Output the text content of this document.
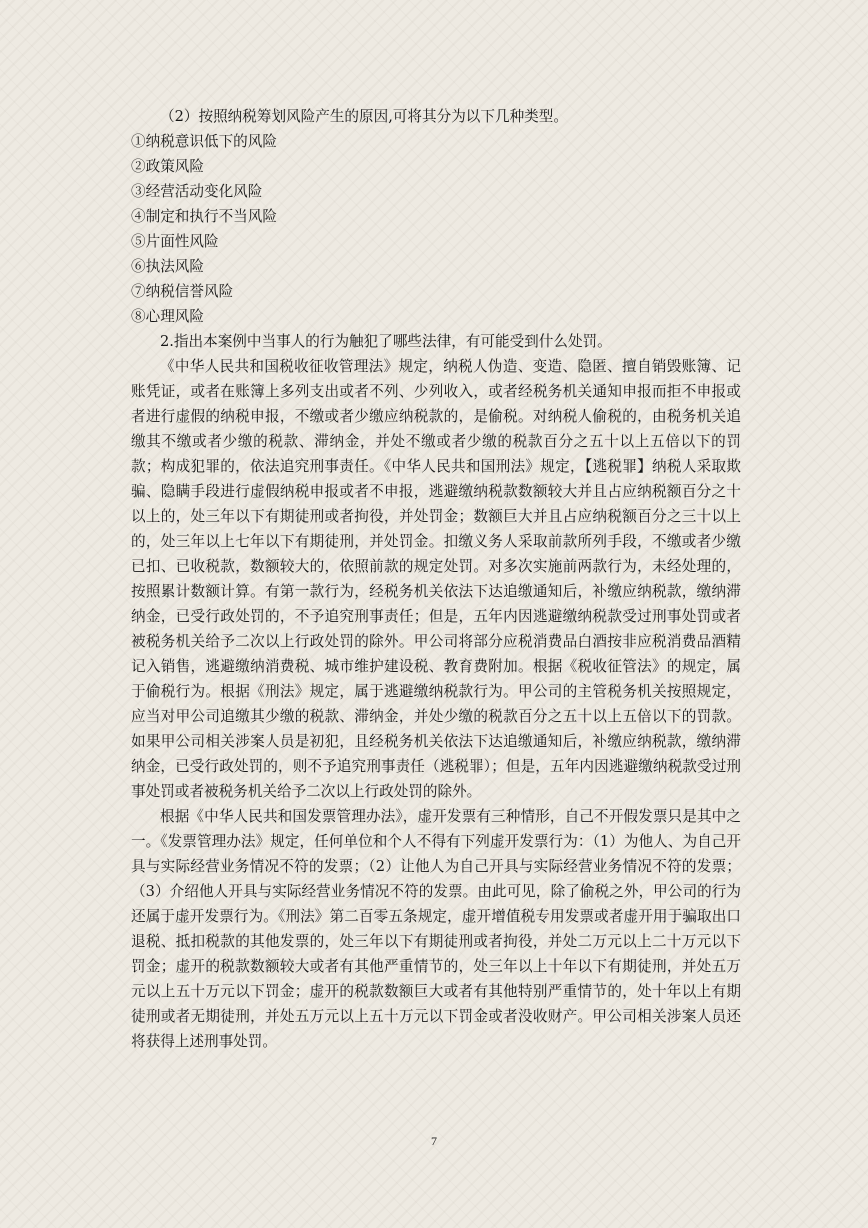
（2）按照纳税筹划风险产生的原因,可将其分为以下几种类型。

①纳税意识低下的风险

②政策风险

③经营活动变化风险

④制定和执行不当风险

⑤片面性风险

⑥执法风险

⑦纳税信誉风险

⑧心理风险

2.指出本案例中当事人的行为触犯了哪些法律，有可能受到什么处罚。

《中华人民共和国税收征收管理法》规定，纳税人伪造、变造、隐匿、擅自销毁账簿、记账凭证，或者在账簿上多列支出或者不列、少列收入，或者经税务机关通知申报而拒不申报或者进行虚假的纳税申报，不缴或者少缴应纳税款的，是偷税。对纳税人偷税的，由税务机关追缴其不缴或者少缴的税款、滞纳金，并处不缴或者少缴的税款百分之五十以上五倍以下的罚款；构成犯罪的，依法追究刑事责任。《中华人民共和国刑法》规定，【逃税罪】纳税人采取欺骗、隐瞒手段进行虚假纳税申报或者不申报，逃避缴纳税款数额较大并且占应纳税额百分之十以上的，处三年以下有期徒刑或者拘役，并处罚金；数额巨大并且占应纳税额百分之三十以上的，处三年以上七年以下有期徒刑，并处罚金。扣缴义务人采取前款所列手段，不缴或者少缴已扣、已收税款，数额较大的，依照前款的规定处罚。对多次实施前两款行为，未经处理的，按照累计数额计算。有第一款行为，经税务机关依法下达追缴通知后，补缴应纳税款，缴纳滞纳金，已受行政处罚的，不予追究刑事责任；但是，五年内因逃避缴纳税款受过刑事处罚或者被税务机关给予二次以上行政处罚的除外。甲公司将部分应税消费品白酒按非应税消费品酒精记入销售，逃避缴纳消费税、城市维护建设税、教育费附加。根据《税收征管法》的规定，属于偷税行为。根据《刑法》规定，属于逃避缴纳税款行为。甲公司的主管税务机关按照规定，应当对甲公司追缴其少缴的税款、滞纳金，并处少缴的税款百分之五十以上五倍以下的罚款。如果甲公司相关涉案人员是初犯，且经税务机关依法下达追缴通知后，补缴应纳税款，缴纳滞纳金，已受行政处罚的，则不予追究刑事责任（逃税罪）；但是，五年内因逃避缴纳税款受过刑事处罚或者被税务机关给予二次以上行政处罚的除外。

根据《中华人民共和国发票管理办法》，虚开发票有三种情形，自己不开假发票只是其中之一。《发票管理办法》规定，任何单位和个人不得有下列虚开发票行为：（1）为他人、为自己开具与实际经营业务情况不符的发票；（2）让他人为自己开具与实际经营业务情况不符的发票；（3）介绍他人开具与实际经营业务情况不符的发票。由此可见，除了偷税之外，甲公司的行为还属于虚开发票行为。《刑法》第二百零五条规定，虚开增值税专用发票或者虚开用于骗取出口退税、抵扣税款的其他发票的，处三年以下有期徒刑或者拘役，并处二万元以上二十万元以下罚金；虚开的税款数额较大或者有其他严重情节的，处三年以上十年以下有期徒刑，并处五万元以上五十万元以下罚金；虚开的税款数额巨大或者有其他特别严重情节的，处十年以上有期徒刑或者无期徒刑，并处五万元以上五十万元以下罚金或者没收财产。甲公司相关涉案人员还将获得上述刑事处罚。

7
